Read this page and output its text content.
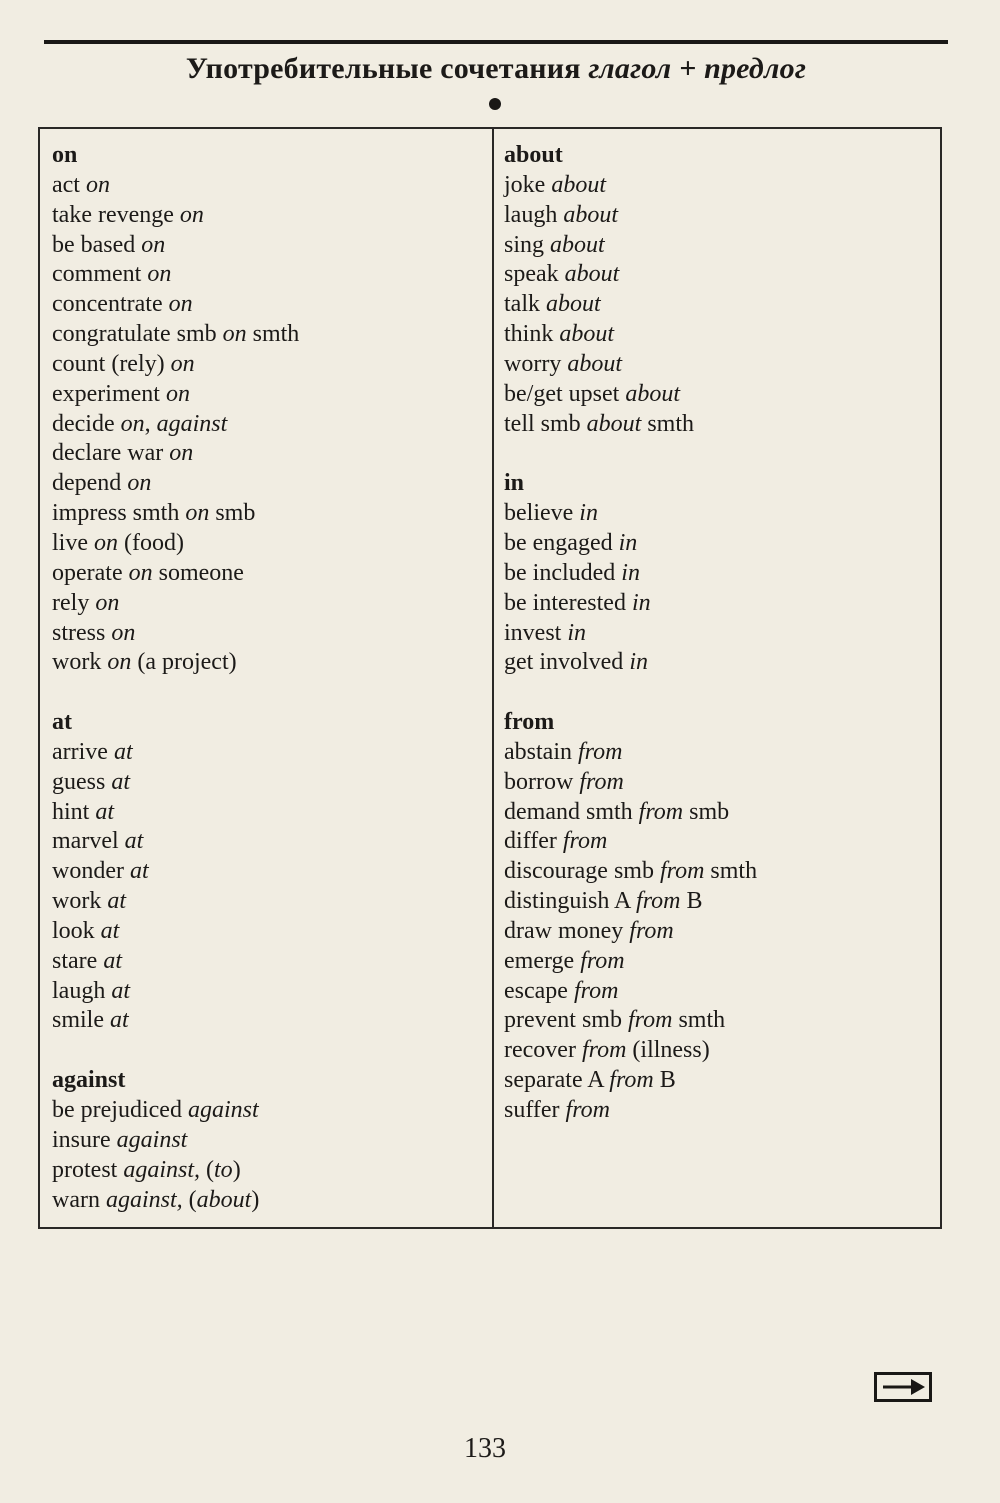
Употребительные сочетания глагол + предлог
on
act on
take revenge on
be based on
comment on
concentrate on
congratulate smb on smth
count (rely) on
experiment on
decide on, against
declare war on
depend on
impress smth on smb
live on (food)
operate on someone
rely on
stress on
work on (a project)
at
arrive at
guess at
hint at
marvel at
wonder at
work at
look at
stare at
laugh at
smile at
against
be prejudiced against
insure against
protest against, (to)
warn against, (about)
about
joke about
laugh about
sing about
speak about
talk about
think about
worry about
be/get upset about
tell smb about smth
in
believe in
be engaged in
be included in
be interested in
invest in
get involved in
from
abstain from
borrow from
demand smth from smb
differ from
discourage smb from smth
distinguish A from B
draw money from
emerge from
escape from
prevent smb from smth
recover from (illness)
separate A from B
suffer from
133
